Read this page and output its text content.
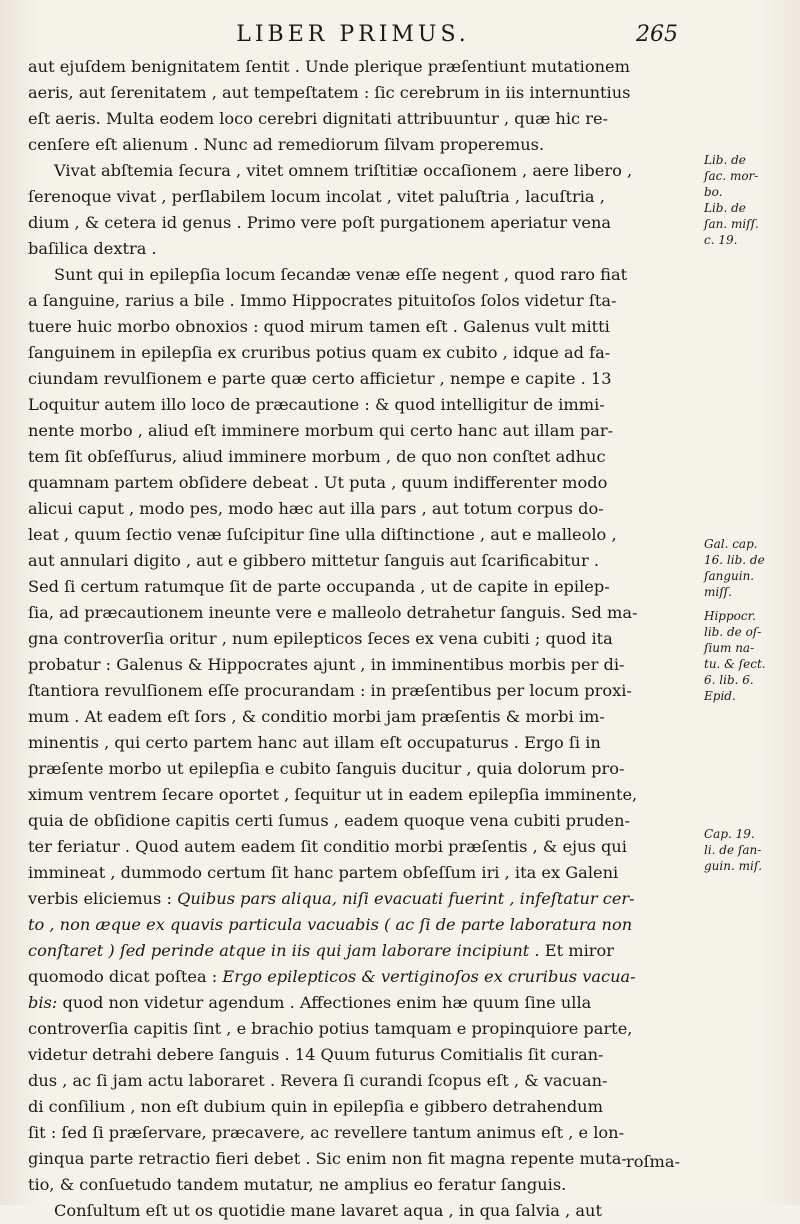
LIBER PRIMUS.	265
aut ejuſdem benignitatem ſentit . Unde plerique præſentiunt mutationem
aeris, aut ſerenitatem , aut tempeſtatem : ſic cerebrum in iis internuntius
eſt aeris. Multa eodem loco cerebri dignitati attribuuntur , quæ hic re-
cenſere eſt alienum . Nunc ad remediorum ſilvam properemus.
Vivat abſtemia ſecura , vitet omnem triſtitiæ occaſionem , aere libero ,
ſerenoque vivat , perſlabilem locum incolat , vitet paluſtria , lacuſtria ,
dium , & cetera id genus . Primo vere poſt purgationem aperiatur vena
baſilica dextra .
Sunt qui in epilepſia locum ſecandæ venæ eſſe negent , quod raro fiat
a ſanguine, rarius a bile . Immo Hippocrates pituitoſos ſolos videtur ſta-
tuere huic morbo obnoxios : quod mirum tamen eſt . Galenus vult mitti
ſanguinem in epilepſia ex cruribus potius quam ex cubito , idque ad fa-
ciundam revulſionem e parte quæ certo afficietur , nempe e capite . 13
Loquitur autem illo loco de præcautione : & quod intelligitur de immi-
nente morbo , aliud eſt imminere morbum qui certo hanc aut illam par-
tem ſit obſeſſurus, aliud imminere morbum , de quo non conſtet adhuc
quamnam partem obſidere debeat . Ut puta , quum indifferenter modo
alicui caput , modo pes, modo hæc aut illa pars , aut totum corpus do-
leat , quum ſectio venæ ſuſcipitur ſine ulla diſtinctione , aut e malleolo ,
aut annulari digito , aut e gibbero mittetur ſanguis aut ſcarificabitur .
Sed ſi certum ratumque ſit de parte occupanda , ut de capite in epilep-
ſia, ad præcautionem ineunte vere e malleolo detrahetur ſanguis. Sed ma-
gna controverſia oritur , num epilepticos ſeces ex vena cubiti ; quod ita
probatur : Galenus & Hippocrates ajunt , in imminentibus morbis per di-
ſtantiora revulſionem eſſe procurandam : in præſentibus per locum proxi-
mum . At eadem eſt ſors , & conditio morbi jam præſentis & morbi im-
minentis , qui certo partem hanc aut illam eſt occupaturus . Ergo ſi in
præſente morbo ut epilepſia e cubito ſanguis ducitur , quia dolorum pro-
ximum ventrem ſecare oportet , ſequitur ut in eadem epilepſia imminente,
quia de obſidione capitis certi ſumus , eadem quoque vena cubiti pruden-
ter feriatur . Quod autem eadem ſit conditio morbi præſentis , & ejus qui
immineat , dummodo certum ſit hanc partem obſeſſum iri , ita ex Galeni
verbis eliciemus : Quibus pars aliqua, niſi evacuati fuerint , infeſtatur cer-
to , non æque ex quavis particula vacuabis ( ac ſi de parte laboratura non
conſtaret ) ſed perinde atque in iis qui jam laborare incipiunt . Et miror
quomodo dicat poſtea : Ergo epilepticos & vertiginoſos ex cruribus vacua-
bis: quod non videtur agendum . Affectiones enim hæ quum ſine ulla
controverſia capitis ſint , e brachio potius tamquam e propinquiore parte,
videtur detrahi debere ſanguis . 14 Quum futurus Comitialis ſit curan-
dus , ac ſi jam actu laboraret . Revera ſi curandi ſcopus eſt , & vacuan-
di conſilium , non eſt dubium quin in epilepſia e gibbero detrahendum
ſit : ſed ſi præſervare, præcavere, ac revellere tantum animus eſt , e lon-
ginqua parte retractio fieri debet . Sic enim non fit magna repente muta-
tio, & conſuetudo tandem mutatur, ne amplius eo feratur ſanguis.
Conſultum eſt ut os quotidie mane lavaret aqua , in qua ſalvia , aut
Lib. de
ſac. mor-
bo.
Lib. de
ſan. miſſ.
c. 19.
Gal. cap.
16. lib. de
ſanguin.
miſſ.
Hippocr.
lib. de oſ-
ſium na-
tu. & ſect.
6. lib. 6.
Epid.
Cap. 19.
li. de ſan-
guin. miſ.
roſma-
